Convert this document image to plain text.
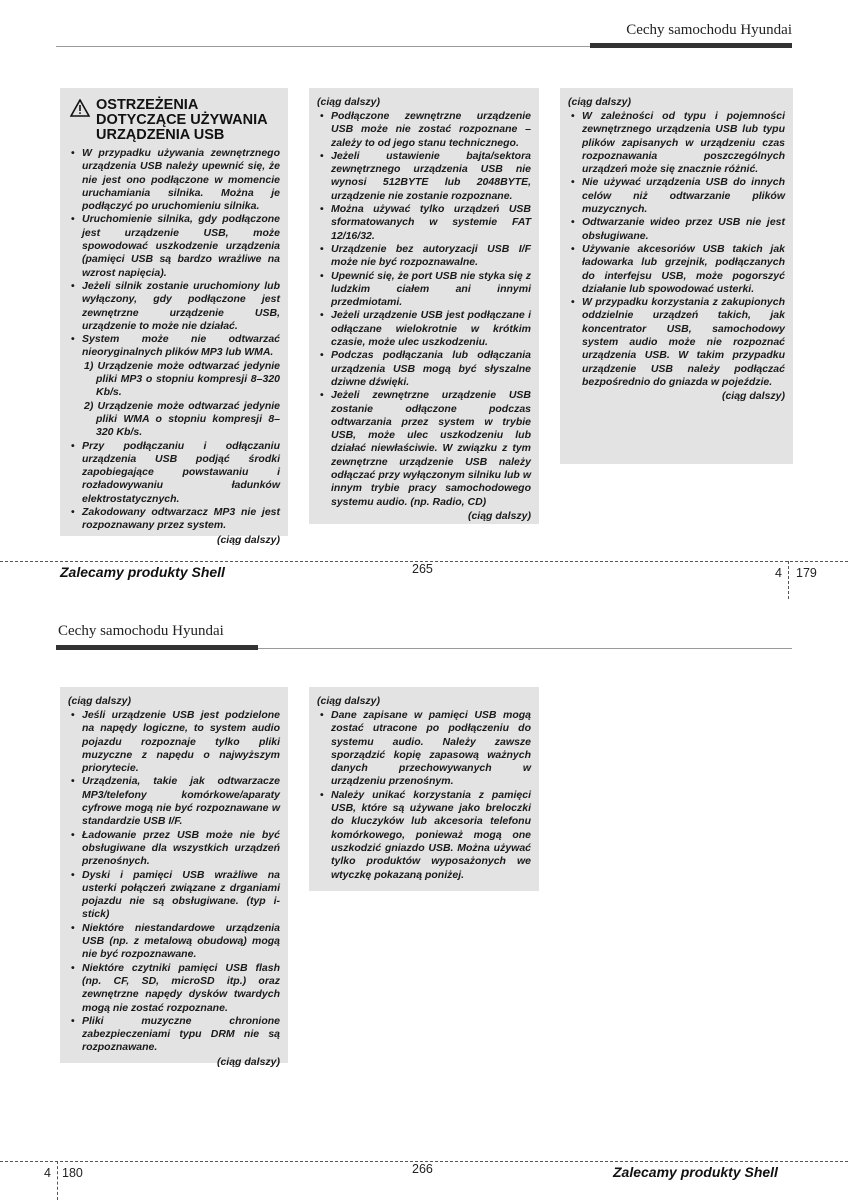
Cechy samochodu Hyundai
OSTRZEŻENIA
DOTYCZĄCE UŻYWANIA
URZĄDZENIA USB
• W przypadku używania zewnętrznego urządzenia USB należy upewnić się, że nie jest ono podłączone w momencie uruchamiania silnika. Można je podłączyć po uruchomieniu silnika.
• Uruchomienie silnika, gdy podłączone jest urządzenie USB, może spowodować uszkodzenie urządzenia (pamięci USB są bardzo wrażliwe na wzrost napięcia).
• Jeżeli silnik zostanie uruchomiony lub wyłączony, gdy podłączone jest zewnętrzne urządzenie USB, urządzenie to może nie działać.
• System może nie odtwarzać nieoryginalnych plików MP3 lub WMA.
1) Urządzenie może odtwarzać jedynie pliki MP3 o stopniu kompresji 8–320 Kb/s.
2) Urządzenie może odtwarzać jedynie pliki WMA o stopniu kompresji 8–320 Kb/s.
• Przy podłączaniu i odłączaniu urządzenia USB podjąć środki zapobiegające powstawaniu i rozładowywaniu ładunków elektrostatycznych.
• Zakodowany odtwarzacz MP3 nie jest rozpoznawany przez system.
(ciąg dalszy)
(ciąg dalszy)
• Podłączone zewnętrzne urządzenie USB może nie zostać rozpoznane – zależy to od jego stanu technicznego.
• Jeżeli ustawienie bajta/sektora zewnętrznego urządzenia USB nie wynosi 512BYTE lub 2048BYTE, urządzenie nie zostanie rozpoznane.
• Można używać tylko urządzeń USB sformatowanych w systemie FAT 12/16/32.
• Urządzenie bez autoryzacji USB I/F może nie być rozpoznawalne.
• Upewnić się, że port USB nie styka się z ludzkim ciałem ani innymi przedmiotami.
• Jeżeli urządzenie USB jest podłączane i odłączane wielokrotnie w krótkim czasie, może ulec uszkodzeniu.
• Podczas podłączania lub odłączania urządzenia USB mogą być słyszalne dziwne dźwięki.
• Jeżeli zewnętrzne urządzenie USB zostanie odłączone podczas odtwarzania przez system w trybie USB, może ulec uszkodzeniu lub działać niewłaściwie. W związku z tym zewnętrzne urządzenie USB należy odłączać przy wyłączonym silniku lub w innym trybie pracy samochodowego systemu audio. (np. Radio, CD)
(ciąg dalszy)
(ciąg dalszy)
• W zależności od typu i pojemności zewnętrznego urządzenia USB lub typu plików zapisanych w urządzeniu czas rozpoznawania poszczególnych urządzeń może się znacznie różnić.
• Nie używać urządzenia USB do innych celów niż odtwarzanie plików muzycznych.
• Odtwarzanie wideo przez USB nie jest obsługiwane.
• Używanie akcesoriów USB takich jak ładowarka lub grzejnik, podłączanych do interfejsu USB, może pogorszyć działanie lub spowodować usterki.
• W przypadku korzystania z zakupionych oddzielnie urządzeń takich, jak koncentrator USB, samochodowy system audio może nie rozpoznać urządzenia USB. W takim przypadku urządzenie USB należy podłączać bezpośrednio do gniazda w pojeździe.
(ciąg dalszy)
Zalecamy produkty Shell	265	4 179
Cechy samochodu Hyundai
(ciąg dalszy)
• Jeśli urządzenie USB jest podzielone na napędy logiczne, to system audio pojazdu rozpoznaje tylko pliki muzyczne z napędu o najwyższym priorytecie.
• Urządzenia, takie jak odtwarzacze MP3/telefony komórkowe/aparaty cyfrowe mogą nie być rozpoznawane w standardzie USB I/F.
• Ładowanie przez USB może nie być obsługiwane dla wszystkich urządzeń przenośnych.
• Dyski i pamięci USB wrażliwe na usterki połączeń związane z drganiami pojazdu nie są obsługiwane. (typ i-stick)
• Niektóre niestandardowe urządzenia USB (np. z metalową obudową) mogą nie być rozpoznawane.
• Niektóre czytniki pamięci USB flash (np. CF, SD, microSD itp.) oraz zewnętrzne napędy dysków twardych mogą nie zostać rozpoznane.
• Pliki muzyczne chronione zabezpieczeniami typu DRM nie są rozpoznawane.
(ciąg dalszy)
(ciąg dalszy)
• Dane zapisane w pamięci USB mogą zostać utracone po podłączeniu do systemu audio. Należy zawsze sporządzić kopię zapasową ważnych danych przechowywanych w urządzeniu przenośnym.
• Należy unikać korzystania z pamięci USB, które są używane jako breloczki do kluczyków lub akcesoria telefonu komórkowego, ponieważ mogą one uszkodzić gniazdo USB. Można używać tylko produktów wyposażonych we wtyczkę pokazaną poniżej.
4 180	266	Zalecamy produkty Shell
